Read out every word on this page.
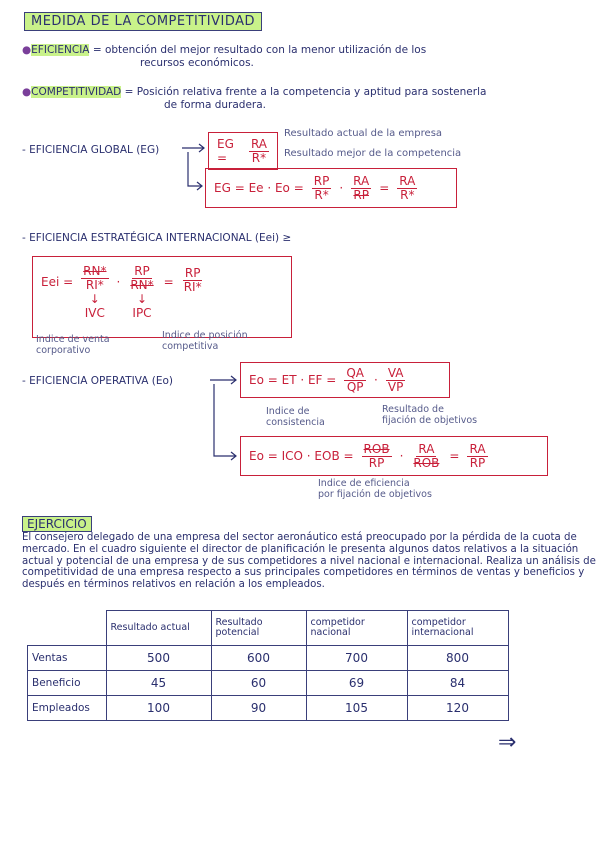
MEDIDA DE LA COMPETITIVIDAD
●EFICIENCIA = obtención del mejor resultado con la menor utilización de los
recursos económicos.
●COMPETITIVIDAD = Posición relativa frente a la competencia y aptitud para sostenerla
de forma duradera.
- EFICIENCIA GLOBAL (EG)	EG =	$\frac{RA}{R*}$
Resultado actual de la empresa
Resultado mejor de la competencia
EG = $Ee \cdot Eo = \frac{RP}{R*} \cdot \frac{RA}{RP} = \frac{RA}{R*}$
- EFICIENCIA ESTRATÉGICA INTERNACIONAL (Eei) ≥
Eei = $\frac{RN*}{RI*}$
↓
IVC
· $\frac{RP}{RN*}$
↓
IPC
= $\frac{RP}{RI*}$
Indice de venta
corporativo
Indice de posición
competitiva
- EFICIENCIA OPERATIVA (Eo)	Eo = ET · EF = $\frac{QA}{QP} \cdot \frac{VA}{VP}$
Indice de
consistencia
Resultado de
fijación de objetivos
Eo = ICO · EOB = $\frac{\text{ROB}}{RP} \cdot \frac{RA}{\text{ROB}} = \frac{RA}{RP}$
Indice de eficiencia
por fijación de objetivos
EJERCICIO
El consejero delegado de una empresa del sector aeronáutico está preocupado por la pérdida de la cuota de mercado. En el cuadro siguiente el director de planificación le presenta algunos datos relativos a la situación actual y potencial de una empresa y de sus competidores a nivel nacional e internacional. Realiza un análisis de competitividad de una empresa respecto a sus principales competidores en términos de ventas y beneficios y después en términos relativos en relación a los empleados.
	Resultado actual	Resultado potencial	competidor nacional	competidor internacional
Ventas	500	600	700	800
Beneficio	45	60	69	84
Empleados	100	90	105	120
⇒
